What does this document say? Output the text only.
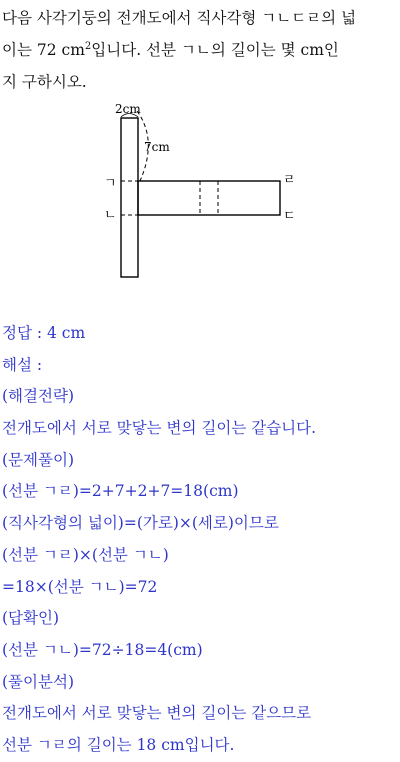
다음 사각기둥의 전개도에서 직사각형 ㄱㄴㄷㄹ의 넓
이는 72 $cm^2$입니다. 선분 ㄱㄴ의 길이는 몇 cm인
지 구하시오.
2cm
7cm
ㄱ
ㄴ
ㄹ
ㄷ
정답 : 4 cm
해설 :
(해결전략)
전개도에서 서로 맞닿는 변의 길이는 같습니다.
(문제풀이)
(선분 ㄱㄹ)=2+7+2+7=18(cm)
(직사각형의 넓이)=(가로)×(세로)이므로
(선분 ㄱㄹ)×(선분 ㄱㄴ)
=18×(선분 ㄱㄴ)=72
(답확인)
(선분 ㄱㄴ)=72÷18=4(cm)
(풀이분석)
전개도에서 서로 맞닿는 변의 길이는 같으므로
선분 ㄱㄹ의 길이는 18 cm입니다.
